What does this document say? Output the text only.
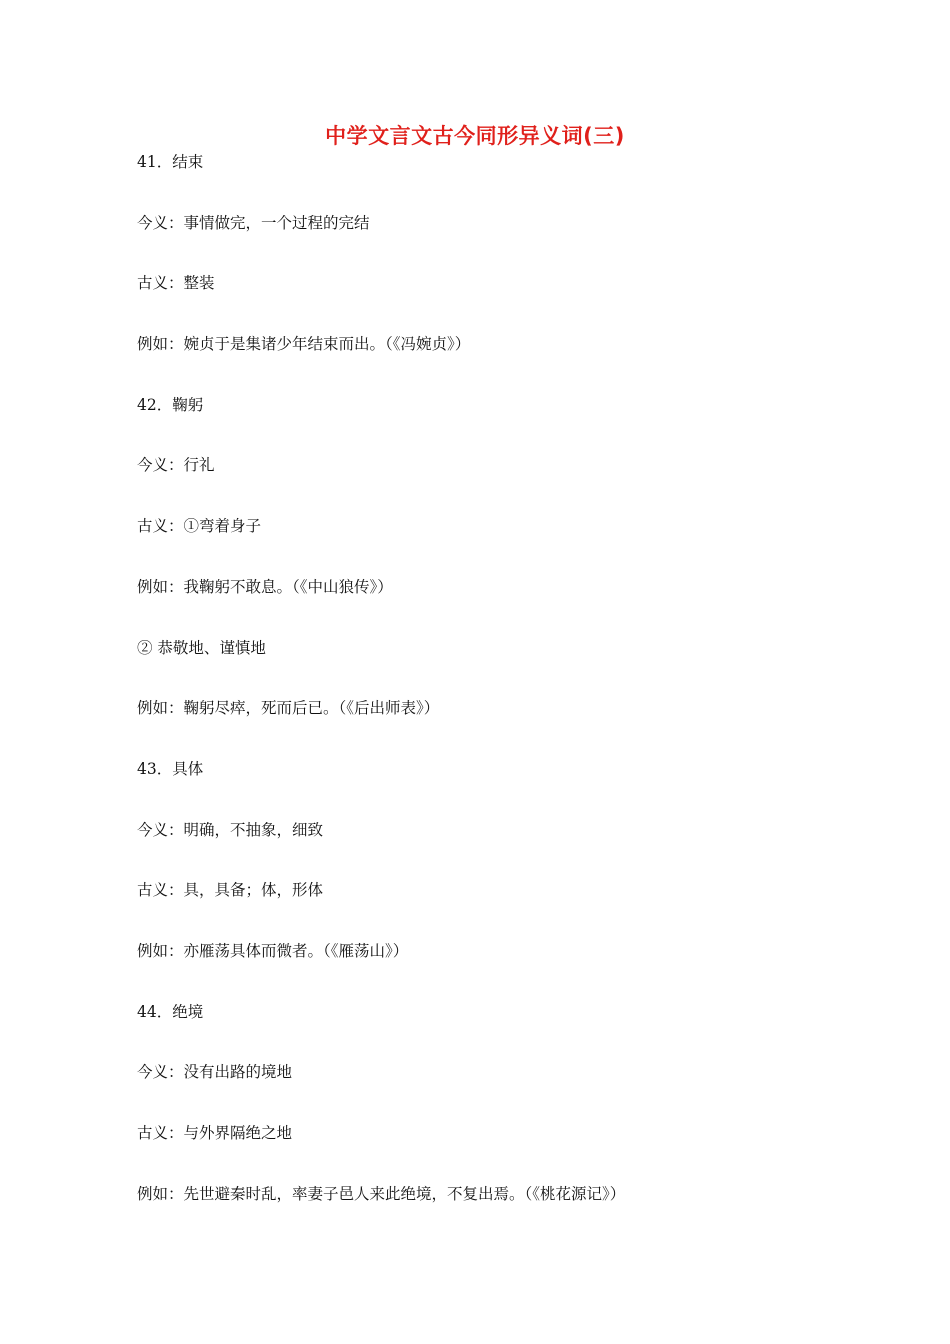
中学文言文古今同形异义词(三)
41．结束
今义：事情做完，一个过程的完结
古义：整装
例如：婉贞于是集诸少年结束而出。（《冯婉贞》）
42．鞠躬
今义：行礼
古义：①弯着身子
例如：我鞠躬不敢息。（《中山狼传》）
② 恭敬地、谨慎地
例如：鞠躬尽瘁，死而后已。（《后出师表》）
43．具体
今义：明确，不抽象，细致
古义：具，具备；体，形体
例如：亦雁荡具体而微者。（《雁荡山》）
44．绝境
今义：没有出路的境地
古义：与外界隔绝之地
例如：先世避秦时乱，率妻子邑人来此绝境，不复出焉。（《桃花源记》）
